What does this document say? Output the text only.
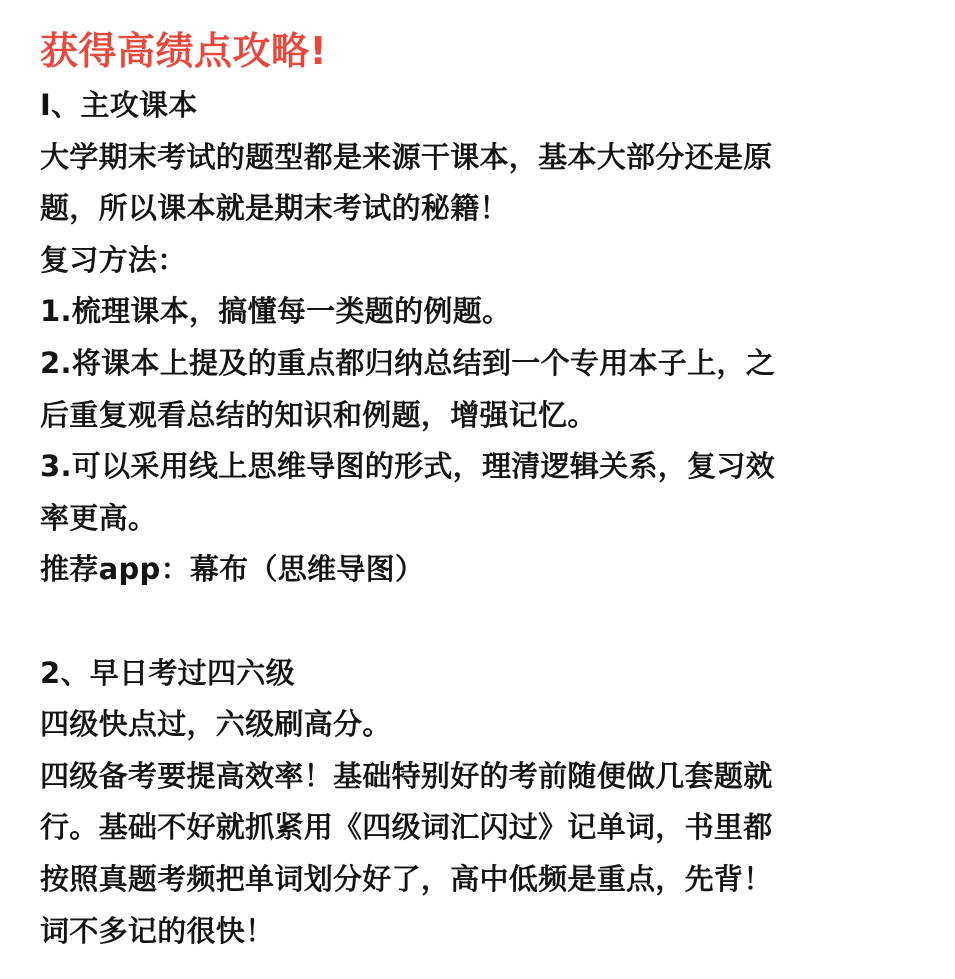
获得高绩点攻略!
I、主攻课本
大学期末考试的题型都是来源干课本，基本大部分还是原
题，所以课本就是期末考试的秘籍！
复习方法：
1.梳理课本，搞懂每一类题的例题。
2.将课本上提及的重点都归纳总结到一个专用本子上，之
后重复观看总结的知识和例题，增强记忆。
3.可以采用线上思维导图的形式，理清逻辑关系，复习效
率更高。
推荐app：幕布（思维导图）
2、早日考过四六级
四级快点过，六级刷高分。
四级备考要提高效率！基础特别好的考前随便做几套题就
行。基础不好就抓紧用《四级词汇闪过》记单词，书里都
按照真题考频把单词划分好了，高中低频是重点，先背！
词不多记的很快！
